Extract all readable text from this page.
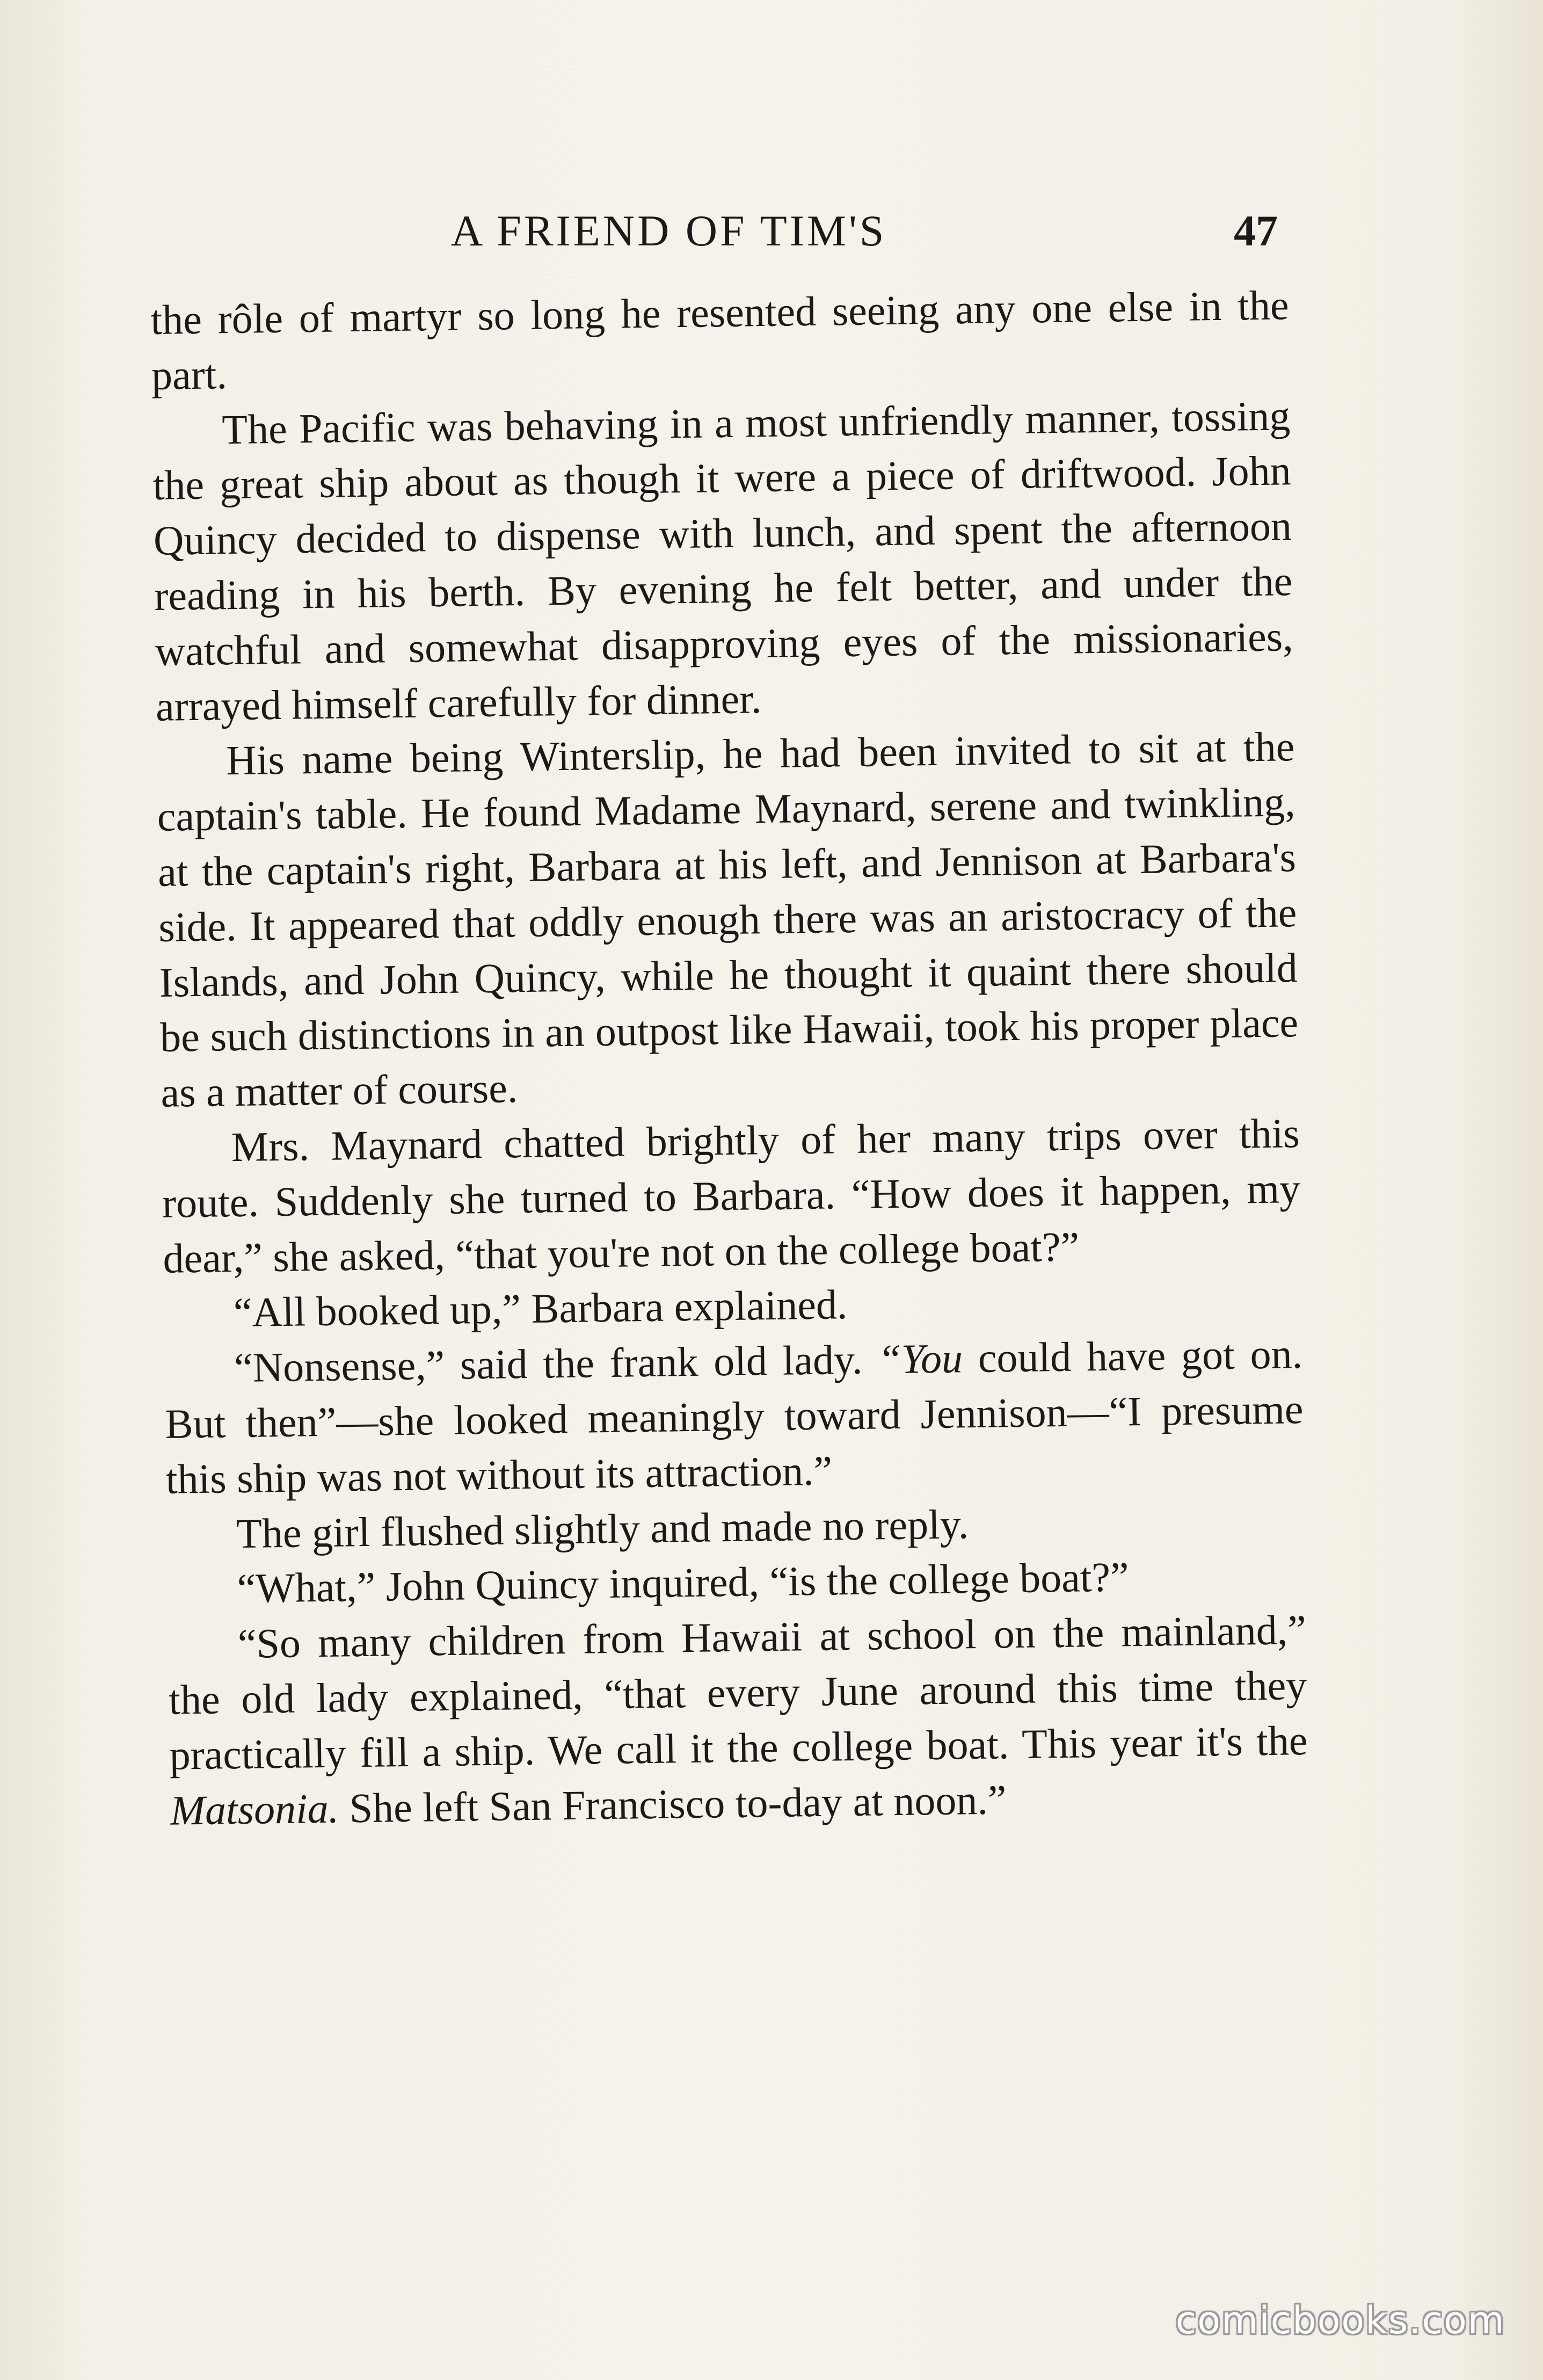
A FRIEND OF TIM'S	47

the rôle of martyr so long he resented seeing any one else in the part.

The Pacific was behaving in a most unfriendly manner, tossing the great ship about as though it were a piece of driftwood. John Quincy decided to dispense with lunch, and spent the afternoon reading in his berth. By evening he felt better, and under the watchful and somewhat disapproving eyes of the missionaries, arrayed himself carefully for dinner.

His name being Winterslip, he had been invited to sit at the captain's table. He found Madame Maynard, serene and twinkling, at the captain's right, Barbara at his left, and Jennison at Barbara's side. It appeared that oddly enough there was an aristocracy of the Islands, and John Quincy, while he thought it quaint there should be such distinctions in an outpost like Hawaii, took his proper place as a matter of course.

Mrs. Maynard chatted brightly of her many trips over this route. Suddenly she turned to Barbara. “How does it happen, my dear,” she asked, “that you're not on the college boat?”

“All booked up,” Barbara explained.

“Nonsense,” said the frank old lady. “You could have got on. But then”—she looked meaningly toward Jennison—“I presume this ship was not without its attraction.”

The girl flushed slightly and made no reply.

“What,” John Quincy inquired, “is the college boat?”

“So many children from Hawaii at school on the mainland,” the old lady explained, “that every June around this time they practically fill a ship. We call it the college boat. This year it's the Matsonia. She left San Francisco to-day at noon.”

comicbooks.com
